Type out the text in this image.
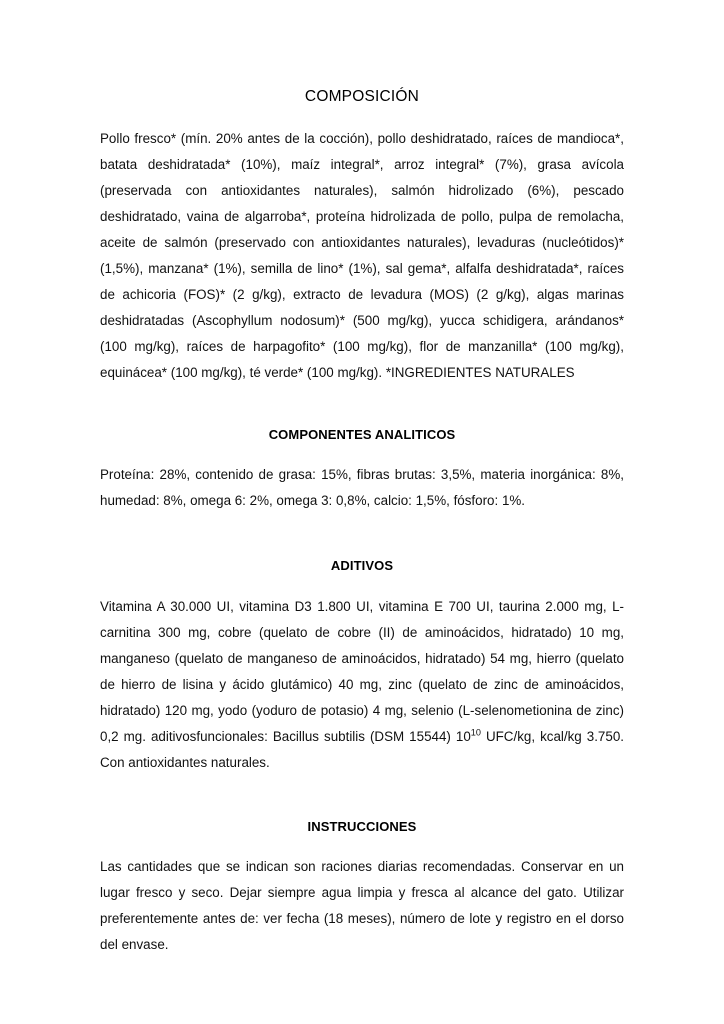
COMPOSICIÓN

Pollo fresco* (mín. 20% antes de la cocción), pollo deshidratado, raíces de mandioca*, batata deshidratada* (10%), maíz integral*, arroz integral* (7%), grasa avícola (preservada con antioxidantes naturales), salmón hidrolizado (6%), pescado deshidratado, vaina de algarroba*, proteína hidrolizada de pollo, pulpa de remolacha, aceite de salmón (preservado con antioxidantes naturales), levaduras (nucleótidos)* (1,5%), manzana* (1%), semilla de lino* (1%), sal gema*, alfalfa deshidratada*, raíces de achicoria (FOS)* (2 g/kg), extracto de levadura (MOS) (2 g/kg), algas marinas deshidratadas (Ascophyllum nodosum)* (500 mg/kg), yucca schidigera, arándanos* (100 mg/kg), raíces de harpagofito* (100 mg/kg), flor de manzanilla* (100 mg/kg), equinácea* (100 mg/kg), té verde* (100 mg/kg). *INGREDIENTES NATURALES

COMPONENTES ANALITICOS

Proteína: 28%, contenido de grasa: 15%, fibras brutas: 3,5%, materia inorgánica: 8%, humedad: 8%, omega 6: 2%, omega 3: 0,8%, calcio: 1,5%, fósforo: 1%.

ADITIVOS

Vitamina A 30.000 UI, vitamina D3 1.800 UI, vitamina E 700 UI, taurina 2.000 mg, L-carnitina 300 mg, cobre (quelato de cobre (II) de aminoácidos, hidratado) 10 mg, manganeso (quelato de manganeso de aminoácidos, hidratado) 54 mg, hierro (quelato de hierro de lisina y ácido glutámico) 40 mg, zinc (quelato de zinc de aminoácidos, hidratado) 120 mg, yodo (yoduro de potasio) 4 mg, selenio (L-selenometionina de zinc) 0,2 mg. aditivosfuncionales: Bacillus subtilis (DSM 15544) $10^{10}$ UFC/kg, kcal/kg 3.750. Con antioxidantes naturales.

INSTRUCCIONES

Las cantidades que se indican son raciones diarias recomendadas. Conservar en un lugar fresco y seco. Dejar siempre agua limpia y fresca al alcance del gato. Utilizar preferentemente antes de: ver fecha (18 meses), número de lote y registro en el dorso del envase.
